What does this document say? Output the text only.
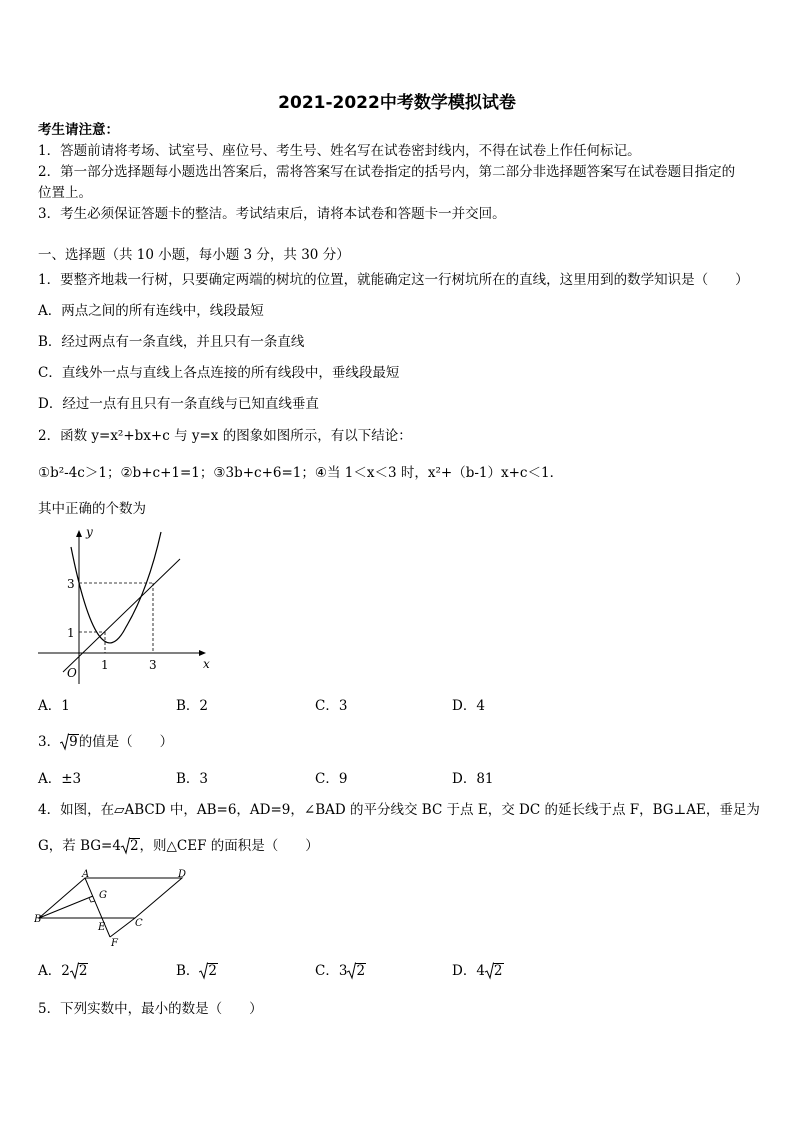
2021-2022中考数学模拟试卷
考生请注意：
1．答题前请将考场、试室号、座位号、考生号、姓名写在试卷密封线内，不得在试卷上作任何标记。
2．第一部分选择题每小题选出答案后，需将答案写在试卷指定的括号内，第二部分非选择题答案写在试卷题目指定的
位置上。
3．考生必须保证答题卡的整洁。考试结束后，请将本试卷和答题卡一并交回。
一、选择题（共 10 小题，每小题 3 分，共 30 分）
1．要整齐地栽一行树，只要确定两端的树坑的位置，就能确定这一行树坑所在的直线，这里用到的数学知识是（　　）
A．两点之间的所有连线中，线段最短
B．经过两点有一条直线，并且只有一条直线
C．直线外一点与直线上各点连接的所有线段中，垂线段最短
D．经过一点有且只有一条直线与已知直线垂直
2．函数 y=x²+bx+c 与 y=x 的图象如图所示，有以下结论：
①b²-4c＞1；②b+c+1=1；③3b+c+6=1；④当 1＜x＜3 时，x²+（b-1）x+c＜1．
其中正确的个数为
y
x
O
1
3
1	3
A．1	B．2	C．3	D．4
3． 9的值是（　　）
A．±3	B．3	C．9	D．81
4．如图，在▱ABCD 中，AB=6，AD=9，∠BAD 的平分线交 BC 于点 E，交 DC 的延长线于点 F，BG⊥AE，垂足为
G，若 BG=4 2，则△CEF 的面积是（　　）
A	D
B	C
E
F
G
A．2 2	B． 2	C．3 2	D．4 2
5．下列实数中，最小的数是（　　）
